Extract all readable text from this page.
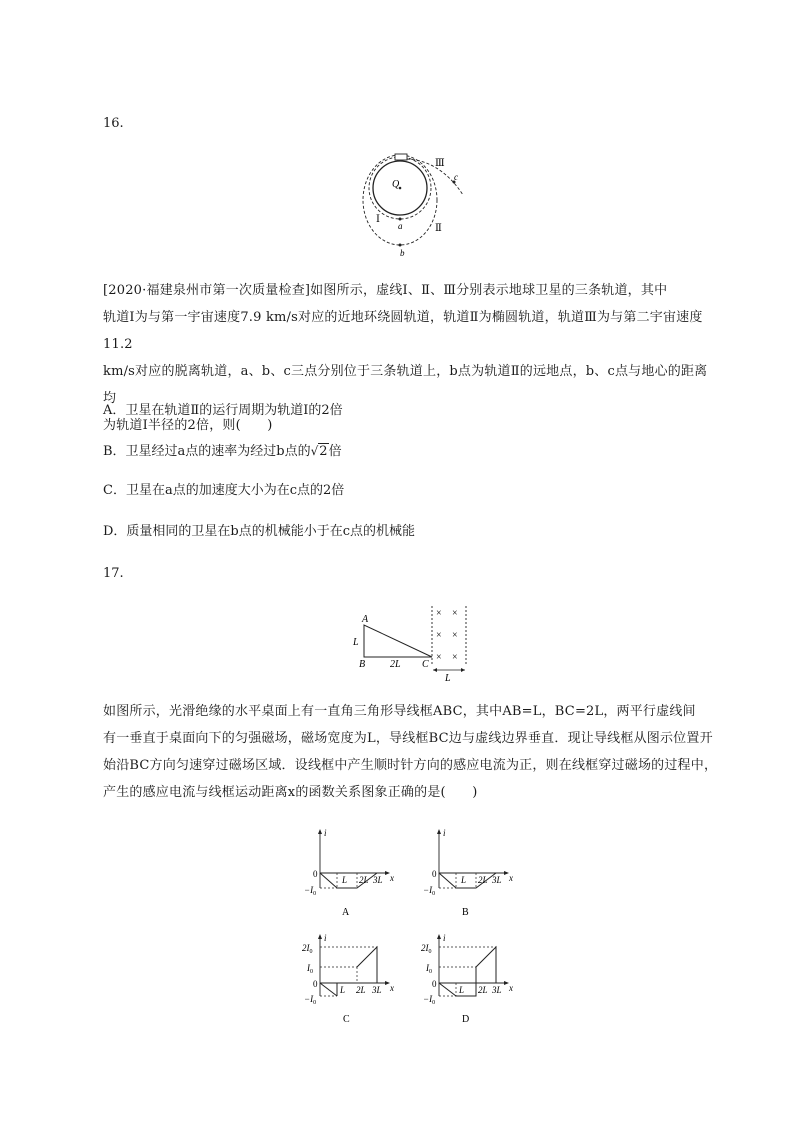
16.
Q
Ⅰ
Ⅱ
Ⅲ
a
b
c
[2020·福建泉州市第一次质量检查]如图所示，虚线Ⅰ、Ⅱ、Ⅲ分别表示地球卫星的三条轨道，其中
轨道Ⅰ为与第一宇宙速度7.9 km/s对应的近地环绕圆轨道，轨道Ⅱ为椭圆轨道，轨道Ⅲ为与第二宇宙速度11.2
km/s对应的脱离轨道，a、b、c三点分别位于三条轨道上，b点为轨道Ⅱ的远地点，b、c点与地心的距离均
为轨道Ⅰ半径的2倍，则(　　)
A．卫星在轨道Ⅱ的运行周期为轨道Ⅰ的2倍
B．卫星经过a点的速率为经过b点的√2倍
C．卫星在a点的加速度大小为在c点的2倍
D．质量相同的卫星在b点的机械能小于在c点的机械能
17.
× ×
× ×
× ×
A
B	C
L
2L
L
如图所示，光滑绝缘的水平桌面上有一直角三角形导线框ABC，其中AB=L，BC=2L，两平行虚线间
有一垂直于桌面向下的匀强磁场，磁场宽度为L，导线框BC边与虚线边界垂直．现让导线框从图示位置开
始沿BC方向匀速穿过磁场区域．设线框中产生顺时针方向的感应电流为正，则在线框穿过磁场的过程中，
产生的感应电流与线框运动距离x的函数关系图象正确的是(　　)
i
x
0
$-I_0$
L 2L 3L
A
i
x
0
$-I_0$
L 2L 3L
B
i
x
0
$2I_0$
$I_0$
$-I_0$
L 2L 3L
C
i
x
0
$2I_0$
$I_0$
$-I_0$
L 2L 3L
D
